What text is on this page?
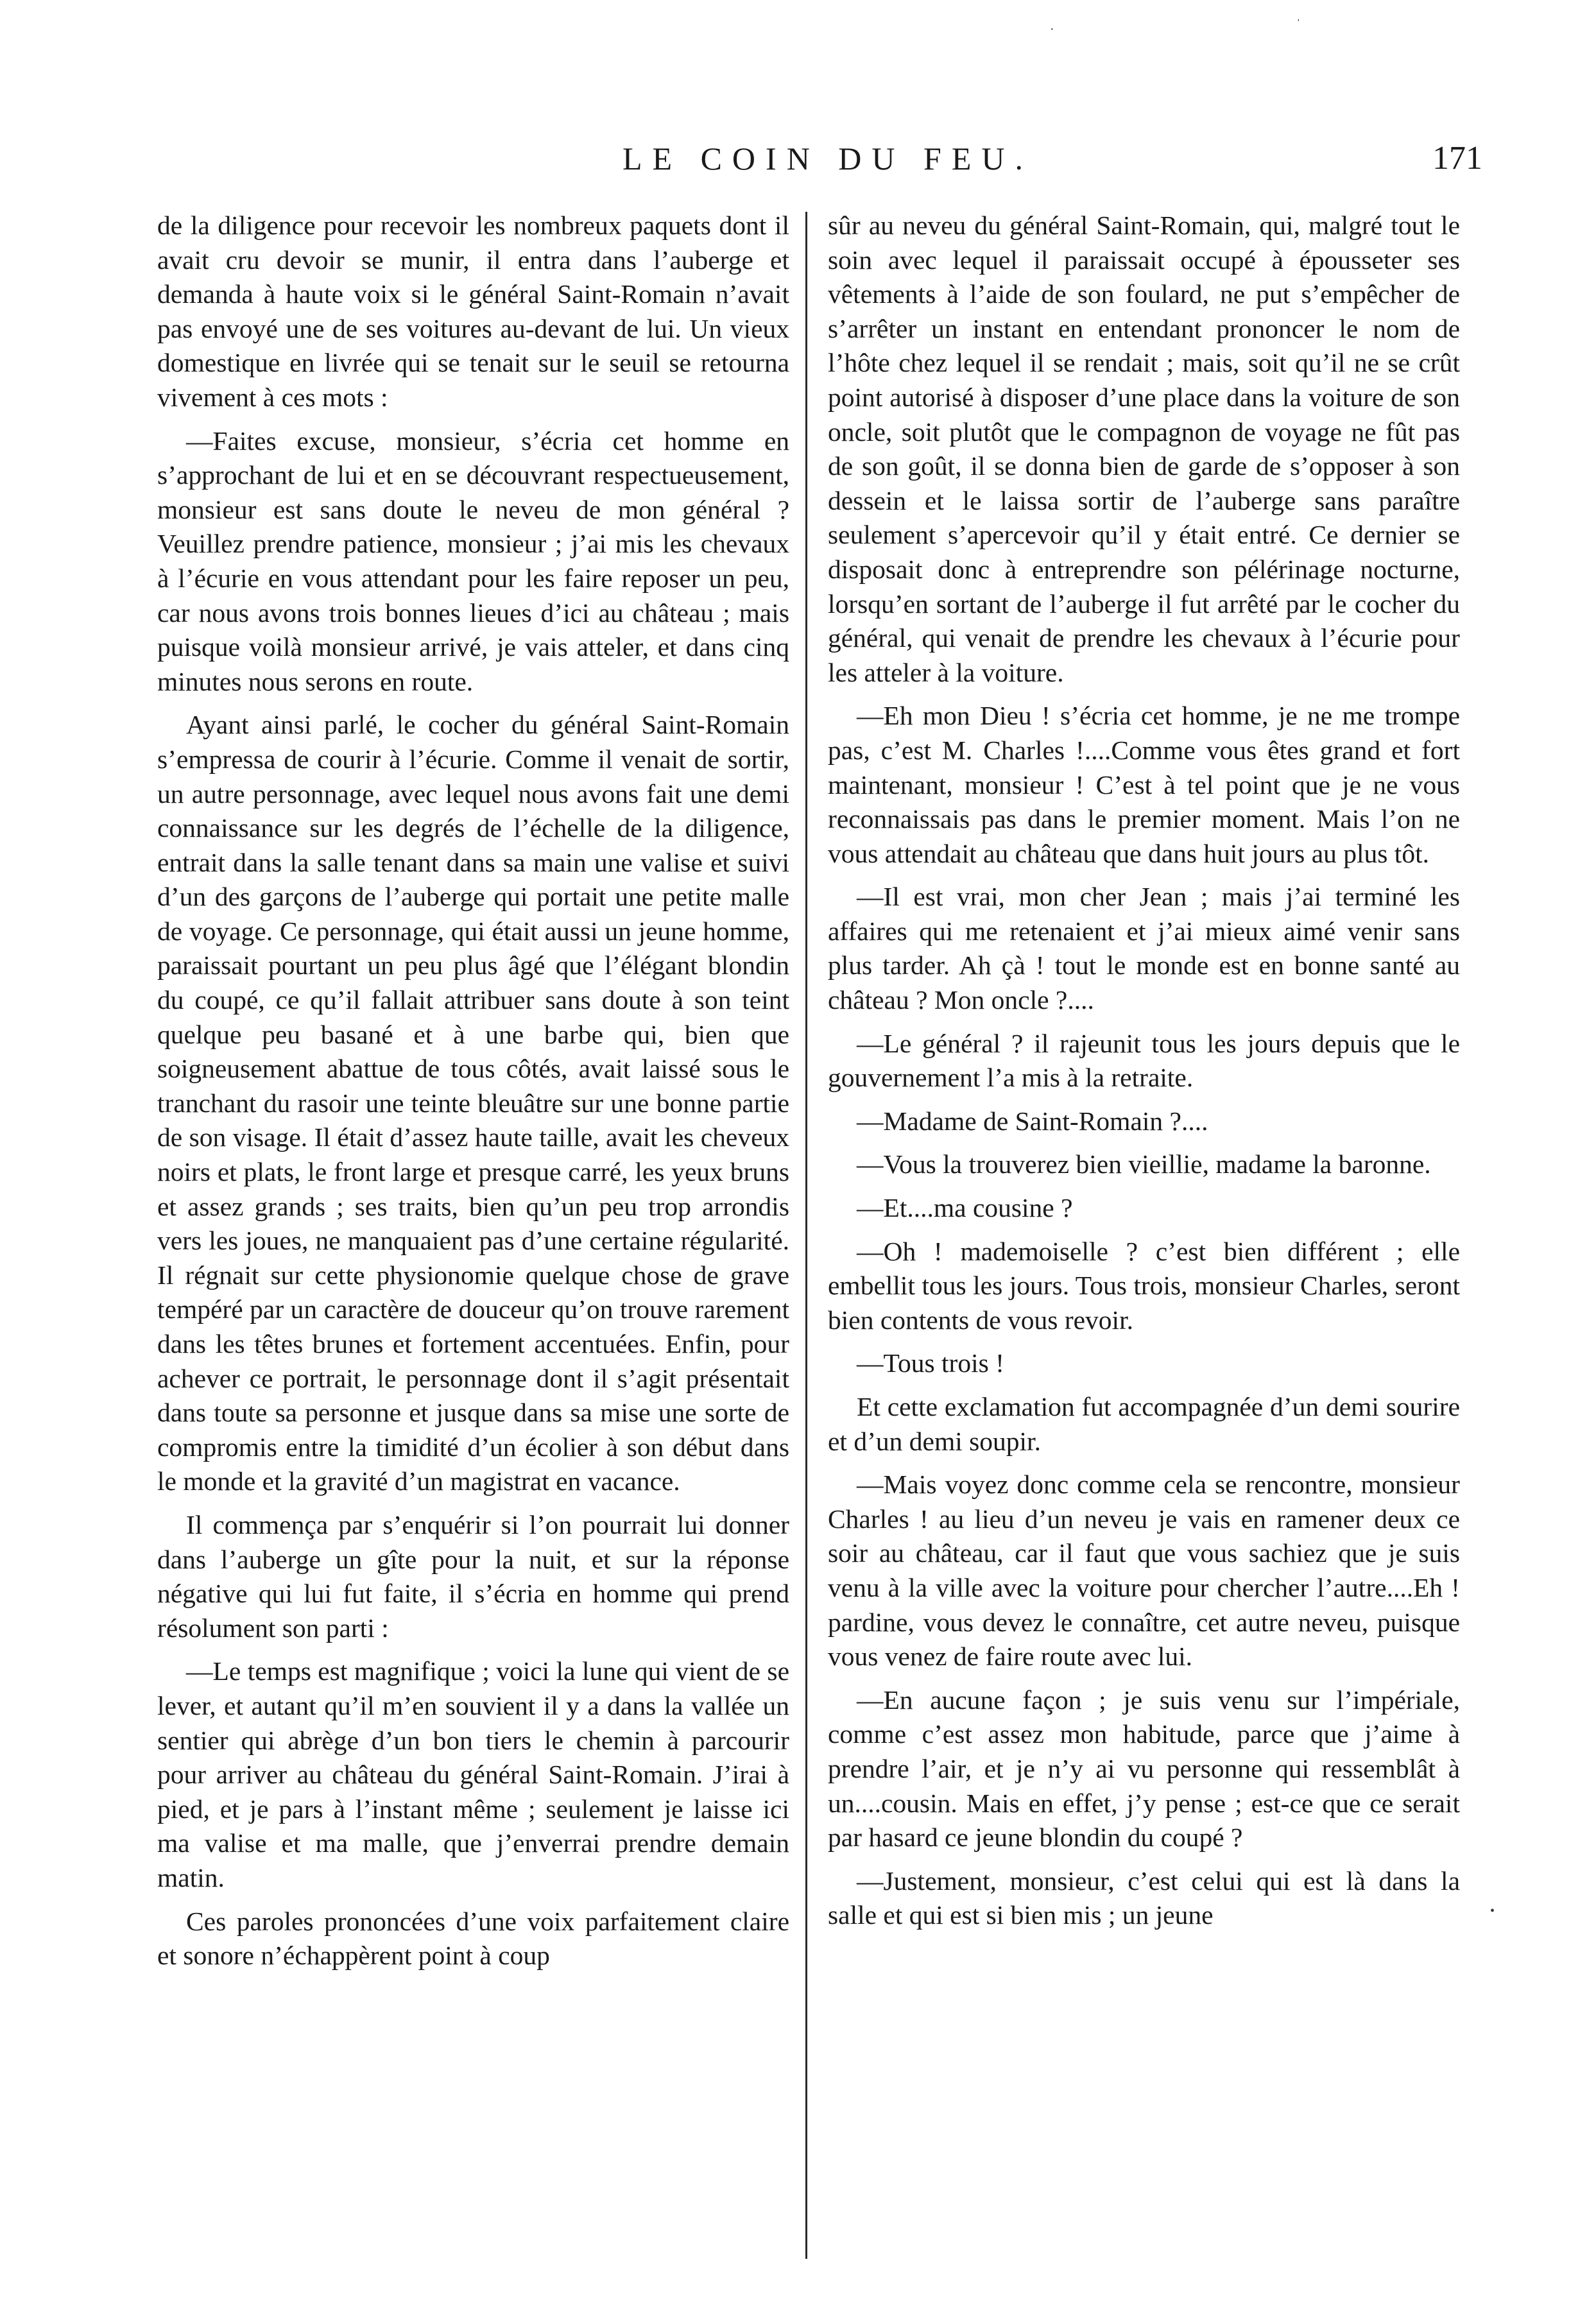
LE COIN DU FEU.	171

de la diligence pour recevoir les nombreux paquets dont il avait cru devoir se munir, il entra dans l’auberge et demanda à haute voix si le général Saint-Romain n’avait pas envoyé une de ses voitures au-devant de lui. Un vieux domestique en livrée qui se tenait sur le seuil se retourna vivement à ces mots :

—Faites excuse, monsieur, s’écria cet homme en s’approchant de lui et en se découvrant respectueusement, monsieur est sans doute le neveu de mon général ? Veuillez prendre patience, monsieur ; j’ai mis les chevaux à l’écurie en vous attendant pour les faire reposer un peu, car nous avons trois bonnes lieues d’ici au château ; mais puisque voilà monsieur arrivé, je vais atteler, et dans cinq minutes nous serons en route.

Ayant ainsi parlé, le cocher du général Saint-Romain s’empressa de courir à l’écurie. Comme il venait de sortir, un autre personnage, avec lequel nous avons fait une demi connaissance sur les degrés de l’échelle de la diligence, entrait dans la salle tenant dans sa main une valise et suivi d’un des garçons de l’auberge qui portait une petite malle de voyage. Ce personnage, qui était aussi un jeune homme, paraissait pourtant un peu plus âgé que l’élégant blondin du coupé, ce qu’il fallait attribuer sans doute à son teint quelque peu basané et à une barbe qui, bien que soigneusement abattue de tous côtés, avait laissé sous le tranchant du rasoir une teinte bleuâtre sur une bonne partie de son visage. Il était d’assez haute taille, avait les cheveux noirs et plats, le front large et presque carré, les yeux bruns et assez grands ; ses traits, bien qu’un peu trop arrondis vers les joues, ne manquaient pas d’une certaine régularité. Il régnait sur cette physionomie quelque chose de grave tempéré par un caractère de douceur qu’on trouve rarement dans les têtes brunes et fortement accentuées. Enfin, pour achever ce portrait, le personnage dont il s’agit présentait dans toute sa personne et jusque dans sa mise une sorte de compromis entre la timidité d’un écolier à son début dans le monde et la gravité d’un magistrat en vacance.

Il commença par s’enquérir si l’on pourrait lui donner dans l’auberge un gîte pour la nuit, et sur la réponse négative qui lui fut faite, il s’écria en homme qui prend résolument son parti :

—Le temps est magnifique ; voici la lune qui vient de se lever, et autant qu’il m’en souvient il y a dans la vallée un sentier qui abrège d’un bon tiers le chemin à parcourir pour arriver au château du général Saint-Romain. J’irai à pied, et je pars à l’instant même ; seulement je laisse ici ma valise et ma malle, que j’enverrai prendre demain matin.

Ces paroles prononcées d’une voix parfaitement claire et sonore n’échappèrent point à coup

sûr au neveu du général Saint-Romain, qui, malgré tout le soin avec lequel il paraissait occupé à épousseter ses vêtements à l’aide de son foulard, ne put s’empêcher de s’arrêter un instant en entendant prononcer le nom de l’hôte chez lequel il se rendait ; mais, soit qu’il ne se crût point autorisé à disposer d’une place dans la voiture de son oncle, soit plutôt que le compagnon de voyage ne fût pas de son goût, il se donna bien de garde de s’opposer à son dessein et le laissa sortir de l’auberge sans paraître seulement s’apercevoir qu’il y était entré. Ce dernier se disposait donc à entreprendre son pélérinage nocturne, lorsqu’en sortant de l’auberge il fut arrêté par le cocher du général, qui venait de prendre les chevaux à l’écurie pour les atteler à la voiture.

—Eh mon Dieu ! s’écria cet homme, je ne me trompe pas, c’est M. Charles !....Comme vous êtes grand et fort maintenant, monsieur ! C’est à tel point que je ne vous reconnaissais pas dans le premier moment. Mais l’on ne vous attendait au château que dans huit jours au plus tôt.

—Il est vrai, mon cher Jean ; mais j’ai terminé les affaires qui me retenaient et j’ai mieux aimé venir sans plus tarder. Ah çà ! tout le monde est en bonne santé au château ? Mon oncle ?....

—Le général ? il rajeunit tous les jours depuis que le gouvernement l’a mis à la retraite.

—Madame de Saint-Romain ?....

—Vous la trouverez bien vieillie, madame la baronne.

—Et....ma cousine ?

—Oh ! mademoiselle ? c’est bien différent ; elle embellit tous les jours. Tous trois, monsieur Charles, seront bien contents de vous revoir.

—Tous trois !

Et cette exclamation fut accompagnée d’un demi sourire et d’un demi soupir.

—Mais voyez donc comme cela se rencontre, monsieur Charles ! au lieu d’un neveu je vais en ramener deux ce soir au château, car il faut que vous sachiez que je suis venu à la ville avec la voiture pour chercher l’autre....Eh ! pardine, vous devez le connaître, cet autre neveu, puisque vous venez de faire route avec lui.

—En aucune façon ; je suis venu sur l’impériale, comme c’est assez mon habitude, parce que j’aime à prendre l’air, et je n’y ai vu personne qui ressemblât à un....cousin. Mais en effet, j’y pense ; est-ce que ce serait par hasard ce jeune blondin du coupé ?

—Justement, monsieur, c’est celui qui est là dans la salle et qui est si bien mis ; un jeune

·	ˈ
•
